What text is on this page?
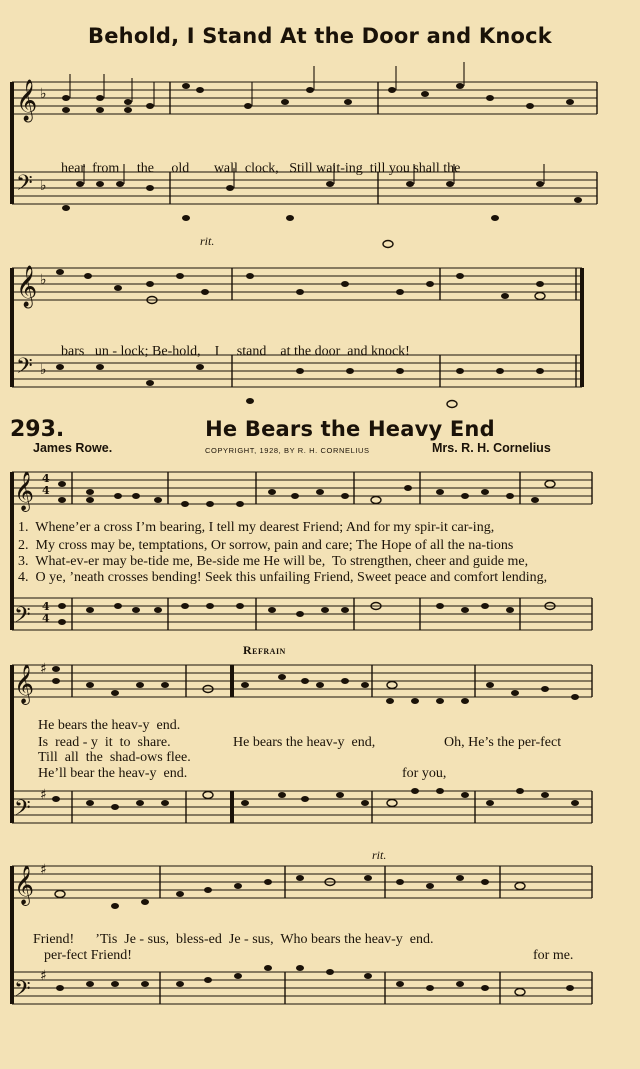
Behold, I Stand At the Door and Knock
𝄞
𝄢
♭
♭

hear from the old wall clock, Still wait-ing till you shall the

rit.
𝄞
𝄢
♭
♭

bars un - lock; Be-hold, I stand at the door and knock!

293.	He Bears the Heavy End
James Rowe.	COPYRIGHT, 1928, BY R. H. CORNELIUS	Mrs. R. H. Cornelius
𝄞
𝄢
4
4
4
4
1.  Whene’er a cross I’m bearing, I tell my dearest Friend; And for my spir-it car-ing,
2.  My cross may be, temptations, Or sorrow, pain and care; The Hope of all the na-tions
3.  What-ev-er may be-tide me, Be-side me He will be,  To strengthen, cheer and guide me,
4.  O ye, ’neath crosses bending! Seek this unfailing Friend, Sweet peace and comfort lending,
Refrain
𝄞
𝄢
♯
♯
He bears the heav-y  end.
Is  read - y  it  to  share.
Till  all  the  shad-ows flee.
He’ll bear the heav-y  end.
He bears the heav-y  end,	Oh, He’s the per-fect
for you,
rit.
𝄞
𝄢
♯
♯
Friend!      ’Tis  Je - sus,  bless-ed  Je - sus,  Who bears the heav-y  end.
per-fect Friend!	for me.
